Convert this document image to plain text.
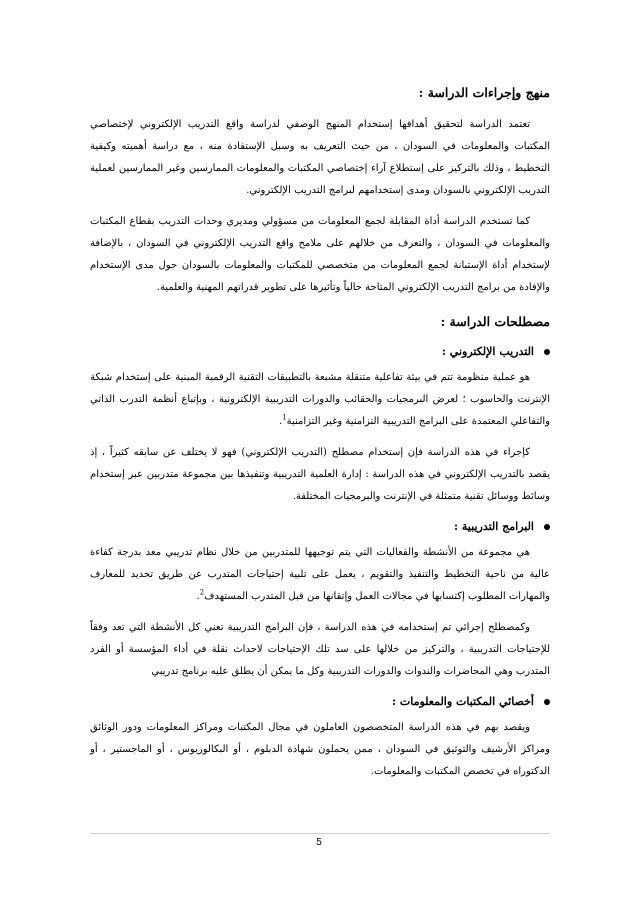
منهج وإجراءات الدراسة :

تعتمد الدراسة لتحقيق أهدافها إستخدام المنهج الوصفي لدراسة واقع التدريب الإلكتروني لإختصاصي المكتبات والمعلومات في السودان ، من حيث التعريف به وسبل الإستفادة منه ، مع دراسة أهميته وكيفية التخطيط ، وذلك بالتركيز على إستطلاع آراء إختصاصي المكتبات والمعلومات الممارسين وغير الممارسين لعملية التدريب الإلكتروني بالسودان ومدى إستخدامهم لبرامج التدريب الإلكتروني.

كما تستخدم الدراسة أداة المقابلة لجمع المعلومات من مسؤولي ومديري وحدات التدريب بقطاع المكتبات والمعلومات في السودان ، والتعرف من خلالهم على ملامح واقع التدريب الإلكتروني في السودان ، بالإضافة لإستخدام أداة الإستبانة لجمع المعلومات من متخصصي للمكتبات والمعلومات بالسودان حول مدى الإستخدام والإفادة من برامج التدريب الإلكتروني المتاحة حالياً وتأثيرها على تطوير قدراتهم المهنية والعلمية.

مصطلحات الدراسة :
التدريب الإلكتروني :

هو عملية منظومة تتم في بيئة تفاعلية متنقلة مشبعة بالتطبيقات التقنية الرقمية المبنية على إستخدام شبكة الإنترنت والحاسوب ؛ لعرض البرمجيات والحقائب والدورات التدريبية الإلكترونية ، وبإتباع أنظمة التدرب الذاتي والتفاعلي المعتمدة على البرامج التدريبية التزامنية وغير التزامنية$^1$.

كإجراء في هذه الدراسة فإن إستخدام مصطلح (التدريب الإلكتروني) فهو لا يختلف عن سابقه كثيراً ، إذ يقصد بالتدريب الإلكتروني في هذه الدراسة : إدارة العلمية التدريبية وتنفيذها بين مجموعة متدربين عبر إستخدام وسائط ووسائل تقنية متمثلة في الإنترنت والبرمجيات المختلفة.

البرامج التدريبية :

هي مجموعة من الأنشطة والفعاليات التي يتم توجيهها للمتدربين من خلال نظام تدريبي معد بدرجة كفاءة عالية من ناحية التخطيط والتنفيذ والتقويم ، يعمل على تلبية إحتياجات المتدرب عن طريق تحديد للمعارف والمهارات المطلوب إكتسابها في مجالات العمل وإتقانها من قبل المتدرب المستهدف$^2$.

وكمصطلح إجرائي تم إستخدامه في هذه الدراسة ، فإن البرامج التدريبية تعني كل الأنشطة التي تعد وفقاً للإحتياجات التدريبية ، والتركيز من خلالها على سد تلك الإحتياجات لاحداث نقلة في أداء المؤسسة أو الفرد المتدرب وهي المحاضرات والندوات والدورات التدريبية وكل ما يمكن أن يطلق عليه برنامج تدريبي

أخصائي المكتبات والمعلومات :

ويقصد بهم في هذه الدراسة المتخصصون العاملون في مجال المكتبات ومراكز المعلومات ودور الوثائق ومراكز الأرشيف والتوثيق في السودان ، ممن يحملون شهادة الدبلوم ، أو البكالوريوس ، أو الماجستير ، أو الدكتوراه في تخصص المكتبات والمعلومات.

5
